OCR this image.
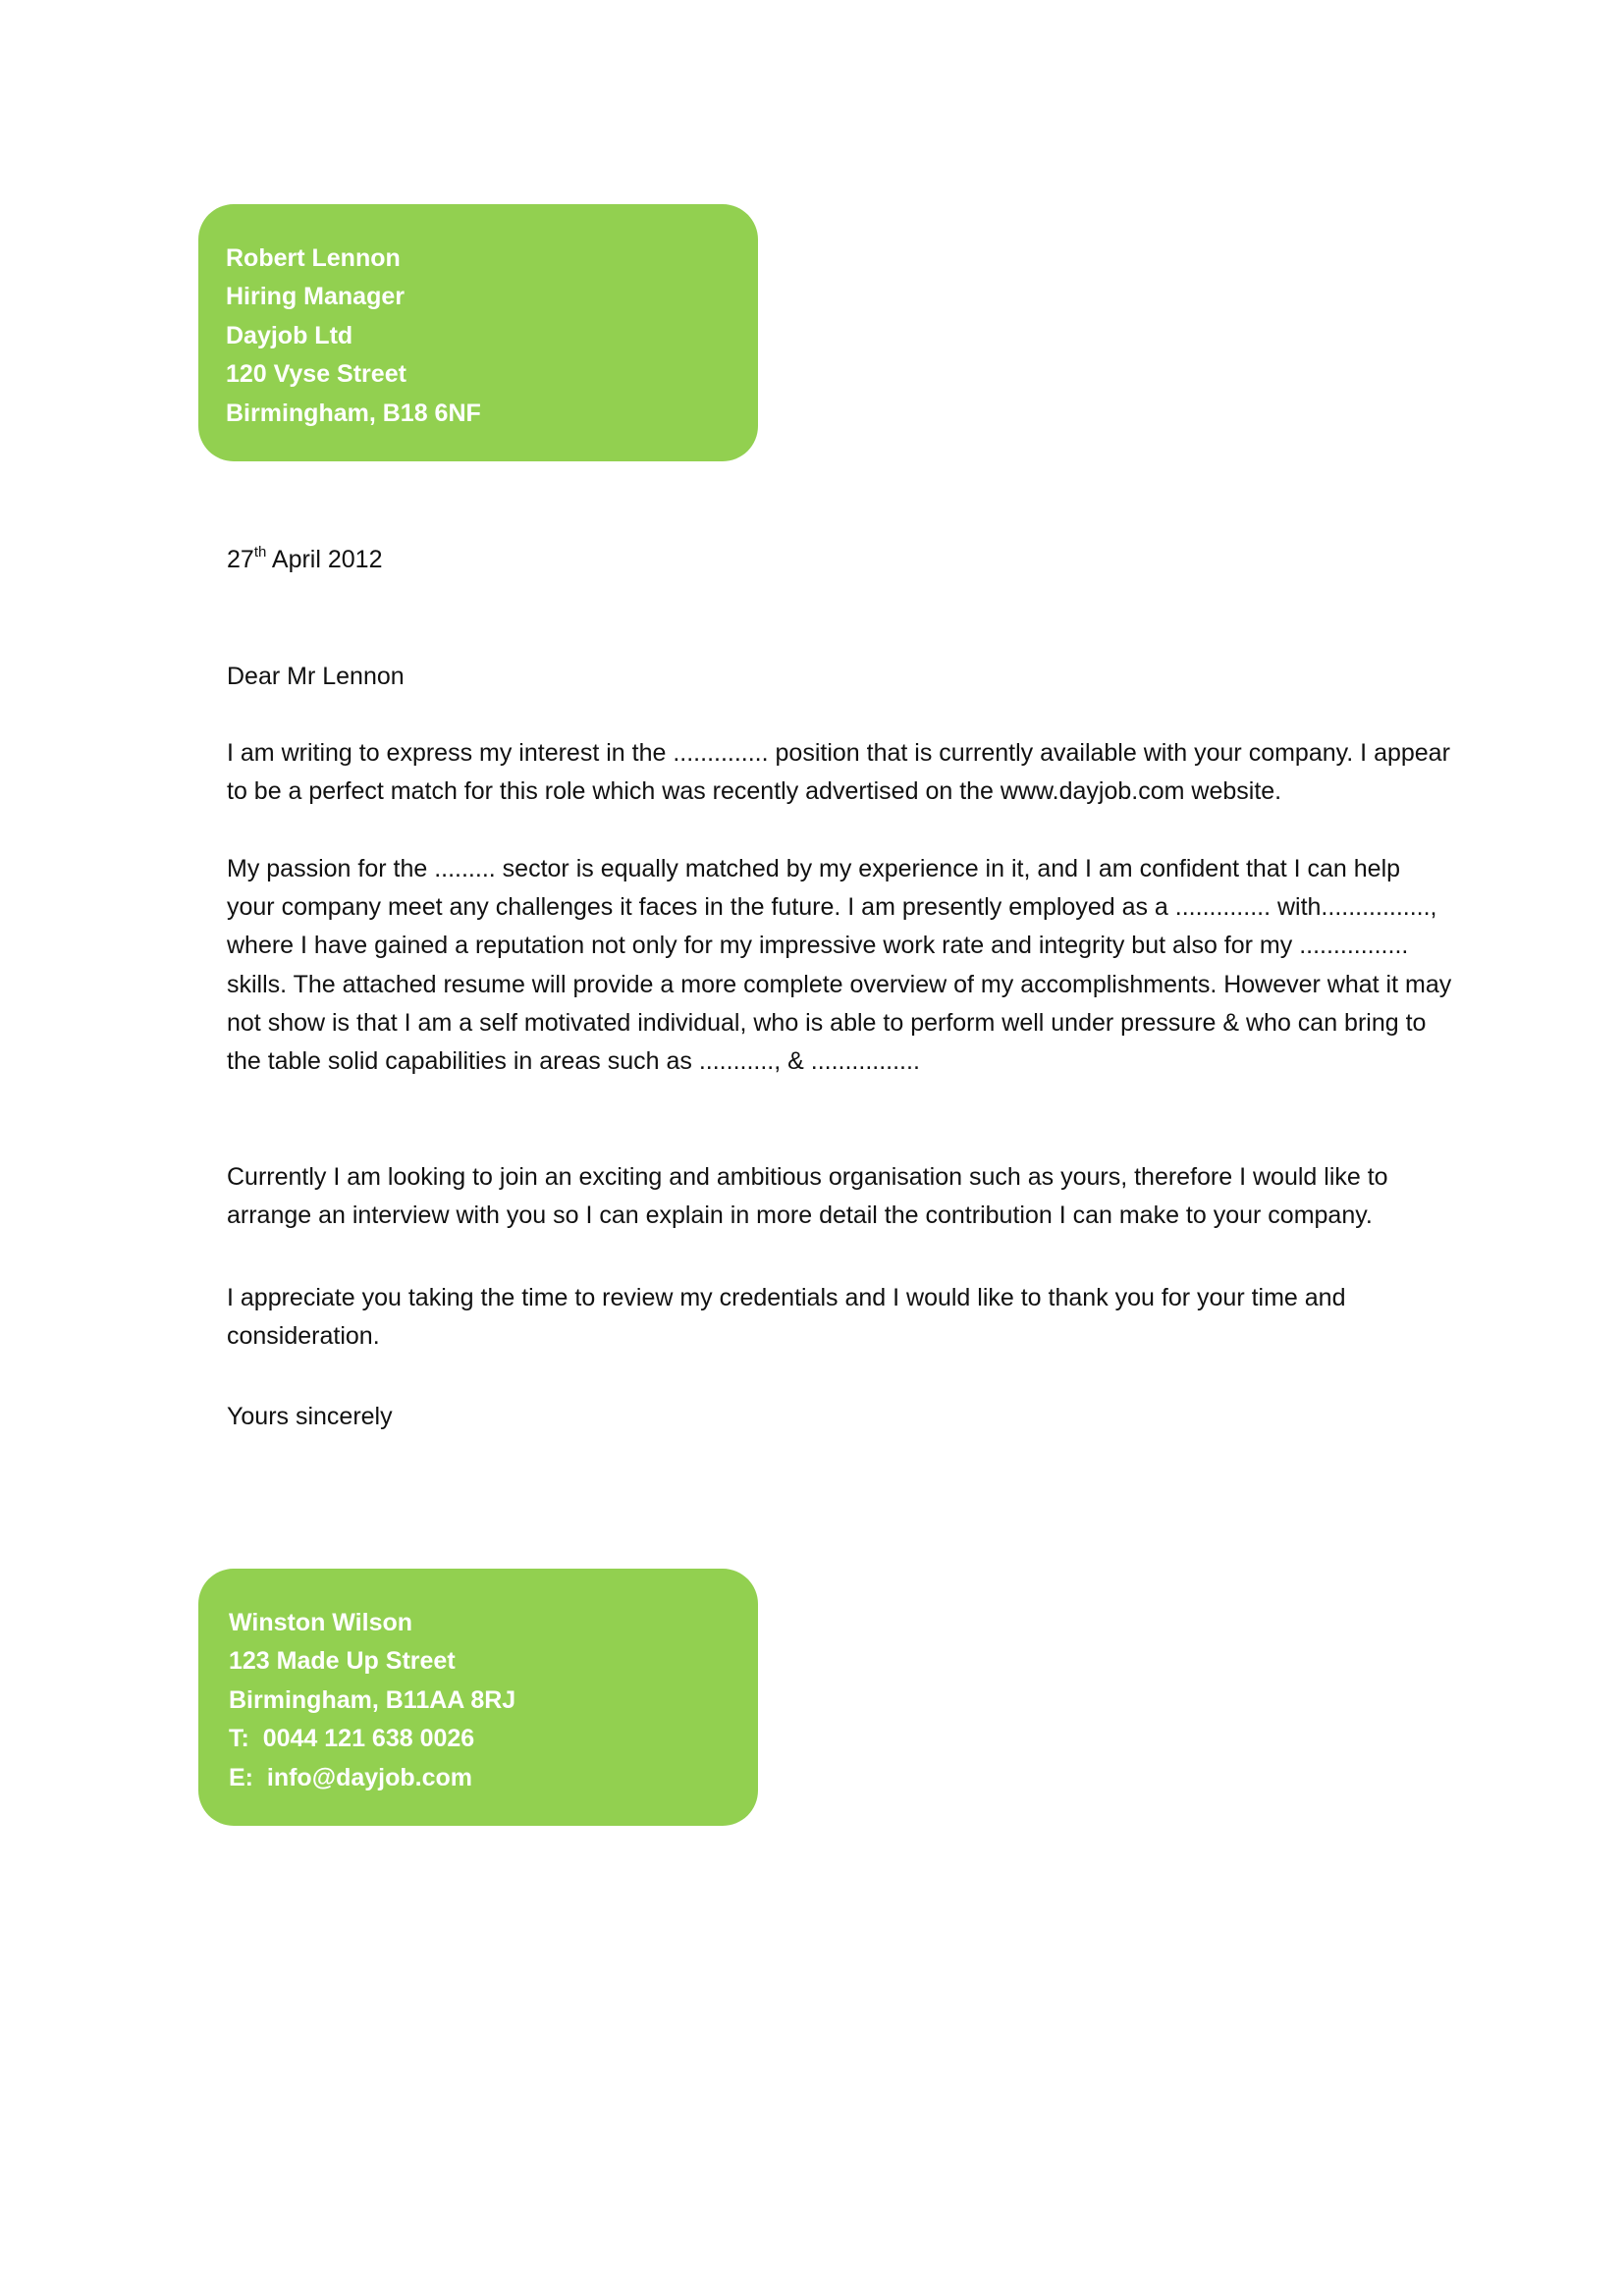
Robert Lennon
Hiring Manager
Dayjob Ltd
120 Vyse Street
Birmingham, B18 6NF
27th April 2012
Dear Mr Lennon

I am writing to express my interest in the .............. position that is currently available with your company. I appear to be a perfect match for this role which was recently advertised on the www.dayjob.com website.

My passion for the ......... sector is equally matched by my experience in it, and I am confident that I can help your company meet any challenges it faces in the future. I am presently employed as a .............. with................, where I have gained a reputation not only for my impressive work rate and integrity but also for my ................ skills. The attached resume will provide a more complete overview of my accomplishments. However what it may not show is that I am a self motivated individual, who is able to perform well under pressure & who can bring to the table solid capabilities in areas such as ..........., & ................

Currently I am looking to join an exciting and ambitious organisation such as yours, therefore I would like to arrange an interview with you so I can explain in more detail the contribution I can make to your company.

I appreciate you taking the time to review my credentials and I would like to thank you for your time and consideration.

Yours sincerely
Winston Wilson
123 Made Up Street
Birmingham, B11AA 8RJ
T:  0044 121 638 0026
E:  info@dayjob.com
